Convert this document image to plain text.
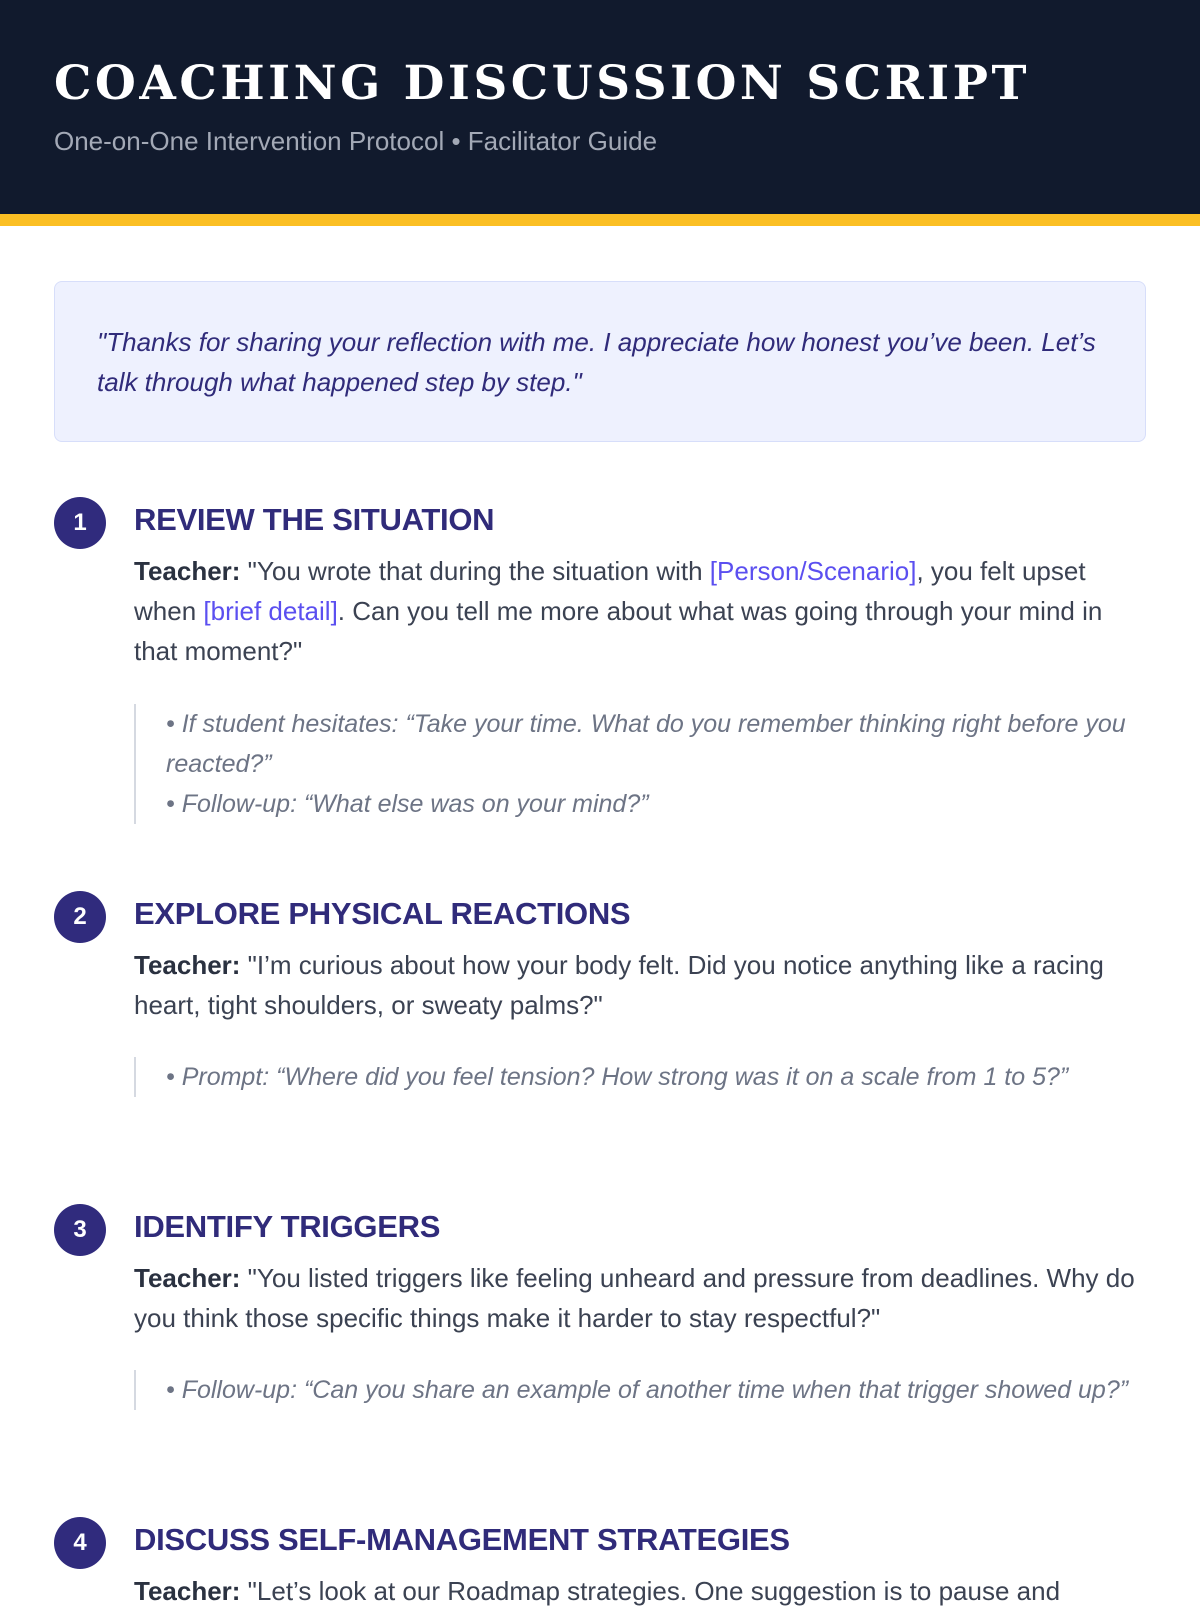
COACHING DISCUSSION SCRIPT
One-on-One Intervention Protocol • Facilitator Guide

"Thanks for sharing your reflection with me. I appreciate how honest you’ve been. Let’s talk through what happened step by step."

1	REVIEW THE SITUATION

Teacher: "You wrote that during the situation with [Person/Scenario], you felt upset when [brief detail]. Can you tell me more about what was going through your mind in that moment?"

• If student hesitates: “Take your time. What do you remember thinking right before you reacted?”

• Follow-up: “What else was on your mind?”

2	EXPLORE PHYSICAL REACTIONS

Teacher: "I’m curious about how your body felt. Did you notice anything like a racing heart, tight shoulders, or sweaty palms?"

• Prompt: “Where did you feel tension? How strong was it on a scale from 1 to 5?”

3	IDENTIFY TRIGGERS

Teacher: "You listed triggers like feeling unheard and pressure from deadlines. Why do you think those specific things make it harder to stay respectful?"

• Follow-up: “Can you share an example of another time when that trigger showed up?”

4	DISCUSS SELF-MANAGEMENT STRATEGIES

Teacher: "Let’s look at our Roadmap strategies. One suggestion is to pause and
